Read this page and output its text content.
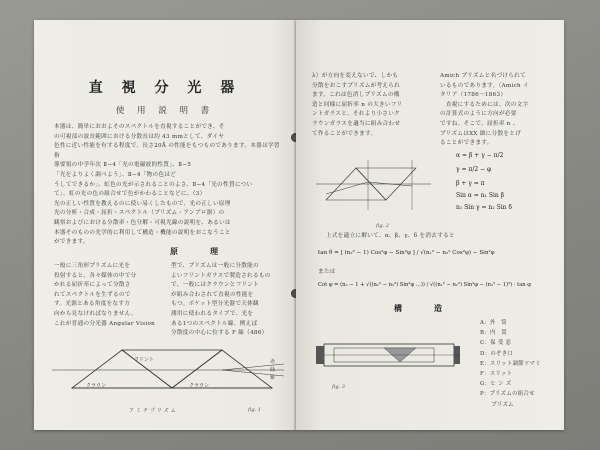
直 視 分 光 器
使 用 説 明 書

本器は、簡単におおよそのスペクトルを直視することができ、そ

の可視部の波長範囲における分散長は約 43 mmとして、ダイヤ

色性に近い性能を有する程度で、長さ20Å の性能をもつものであります。本器は学習指

導要領の中学年次 Ⅱ−4「光の電磁波的性質」、Ⅱ−5

「光をよりよく調べよう」、Ⅱ−4「物の色はど

うしてできるか」、虹色の光が示されることのよさ、Ⅱ−4「光の性質につい

て」、虹の光の色の組合せで色がかわることなどに、（3）

光の正しい性質を教えるのに使い易くしたもので、光の正しい原理

光の分析・合成・屈折・スペクトル（プリズム・アンプロ器）の

観察およびにおける分散率・色分解・可視光線の説明を、あるいは

本器そのものの光学的に利用して構造・機能の説明をおこなうこと

ができます。

原　　　理

一般に三角形プリズムに光を

投射すると、各々媒体の中で分

かれる屈折率によって分散さ

れてスペクトルを生ずるので

す。光源とある角度をなす方

向から見なければなりません。

これが普通の分光器 Angular Vision

型で、プリズムは一般に分散能の

よいフリントガラスで製造されるもの

で、一般にはクラウンとフリント

が組み合わされて直視の性能を

もつ。ボケット型分光器で天体観

測用に使われるタイプで、光を

ある1つのスペクトル線、例えば

分散度の中心に位する F 線（486）

フリント
クラウン	クラウン
赤
緑
紫
アミチプリズム	fig. 1

λ）が方向を変えないで、しかも

分散をおこすプリズムが考えられ

ます。これは色消しプリズムの構

造と同様に屈折率 n の大きいフリ

ントガラスと、それより小さいク

ラウンガラスを適当に組み合わせ

て作ることができます。

Amich プリズムと名づけられて

いるものであります。（Amich イ

タリア（1786〜1863）

　直視にするためには、次の文字

の計算式のように方向が必要

ですね。そこで、屈折率 n 、

プリズムはXX 細に分散をとげ

ることができます。

fig. 2
α = β + γ − π/2
γ = π/2 − φ
β + γ = π
Sin α = n₁ Sin β
n₁ Sin γ = n₂ Sin δ
上式を適立に解いて、α、β、γ、δ を消去すると
tan θ = [ (n₂² − 1) Cos²φ − Sin²φ ] / √(n₁² − n₂² Cos²φ) − Sin²φ
または
Cot φ = (n₂ − 1 + √((n₁² − n₂²) Sin²φ …)) / √((n₁² − n₂²) Sin²φ − (n₂² − 1)²) · tan φ
構　　　造
fig. 3
A：外　筒
B：内　筒
C：保 受 窓
D：のぞき口
E：スリット調節ツマミ
F：スリット
G：ヒ ン ズ
P：プリズムの組合せ
　　プリズム
